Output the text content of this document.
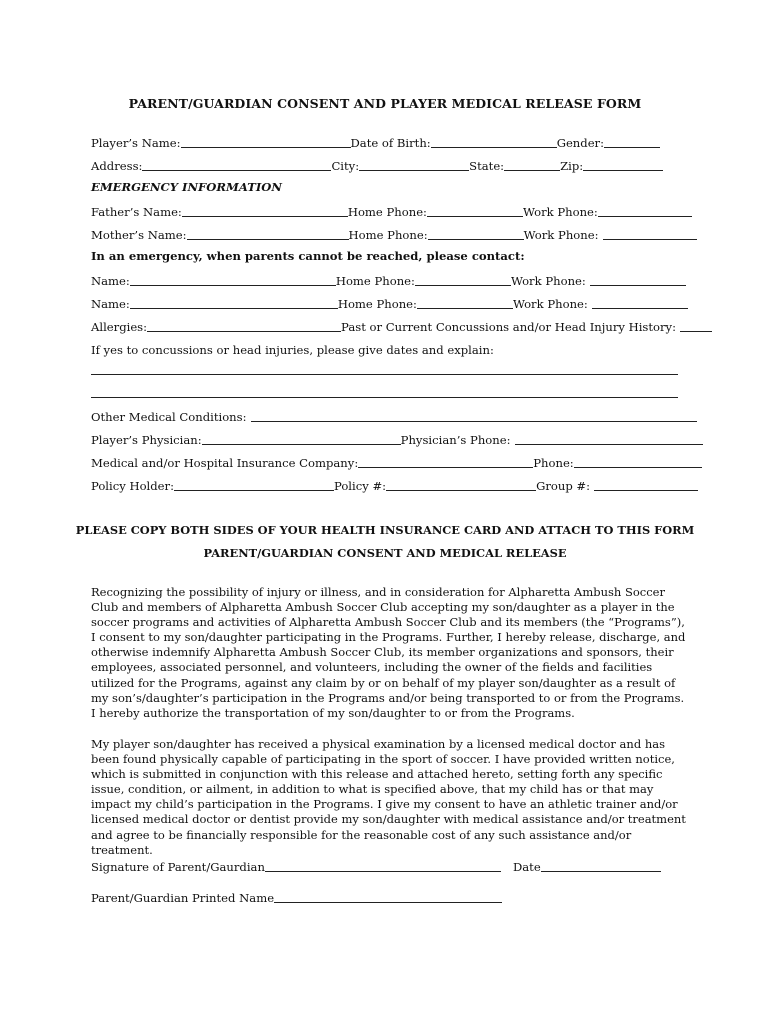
PARENT/GUARDIAN CONSENT AND PLAYER MEDICAL RELEASE FORM
Player’s Name:	Date of Birth:	Gender:
Address:	City:	State:	Zip:
EMERGENCY INFORMATION
Father’s Name:	Home Phone:	Work Phone:
Mother’s Name:	Home Phone:	Work Phone:
In an emergency, when parents cannot be reached, please contact:
Name:	Home Phone:	Work Phone:
Name:	Home Phone:	Work Phone:
Allergies:	Past or Current Concussions and/or Head Injury History:
If yes to concussions or head injuries, please give dates and explain:
Other Medical Conditions:
Player’s Physician:	Physician’s Phone:
Medical and/or Hospital Insurance Company:	Phone:
Policy Holder:	Policy #:	Group #:
PLEASE COPY BOTH SIDES OF YOUR HEALTH INSURANCE CARD AND ATTACH TO THIS FORM
PARENT/GUARDIAN CONSENT AND MEDICAL RELEASE

Recognizing the possibility of injury or illness, and in consideration for Alpharetta Ambush Soccer Club and members of Alpharetta Ambush Soccer Club accepting my son/daughter as a player in the soccer programs and activities of Alpharetta Ambush Soccer Club and its members (the “Programs”), I consent to my son/daughter participating in the Programs. Further, I hereby release, discharge, and otherwise indemnify Alpharetta Ambush Soccer Club, its member organizations and sponsors, their employees, associated personnel, and volunteers, including the owner of the fields and facilities utilized for the Programs, against any claim by or on behalf of my player son/daughter as a result of my son’s/daughter’s participation in the Programs and/or being transported to or from the Programs. I hereby authorize the transportation of my son/daughter to or from the Programs.

My player son/daughter has received a physical examination by a licensed medical doctor and has been found physically capable of participating in the sport of soccer. I have provided written notice, which is submitted in conjunction with this release and attached hereto, setting forth any specific issue, condition, or ailment, in addition to what is specified above, that my child has or that may impact my child’s participation in the Programs. I give my consent to have an athletic trainer and/or licensed medical doctor or dentist provide my son/daughter with medical assistance and/or treatment and agree to be financially responsible for the reasonable cost of any such assistance and/or treatment.

Signature of Parent/Gaurdian	Date
Parent/Guardian Printed Name
